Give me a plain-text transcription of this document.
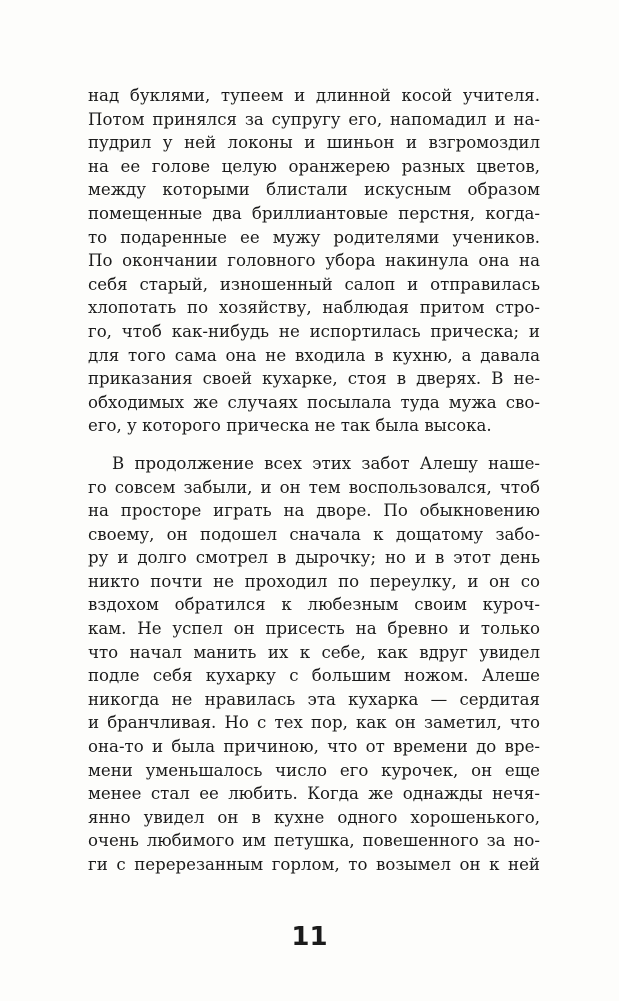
над буклями, тупеем и длинной косой учителя.
Потом принялся за супругу его, напомадил и на-
пудрил у ней локоны и шиньон и взгромоздил
на ее голове целую оранжерею разных цветов,
между которыми блистали искусным образом
помещенные два бриллиантовые перстня, когда-
то подаренные ее мужу родителями учеников.
По окончании головного убора накинула она на
себя старый, изношенный салоп и отправилась
хлопотать по хозяйству, наблюдая притом стро-
го, чтоб как-нибудь не испортилась прическа; и
для того сама она не входила в кухню, а давала
приказания своей кухарке, стоя в дверях. В не-
обходимых же случаях посылала туда мужа сво-
его, у которого прическа не так была высока.
В продолжение всех этих забот Алешу наше-
го совсем забыли, и он тем воспользовался, чтоб
на просторе играть на дворе. По обыкновению
своему, он подошел сначала к дощатому забо-
ру и долго смотрел в дырочку; но и в этот день
никто почти не проходил по переулку, и он со
вздохом обратился к любезным своим куроч-
кам. Не успел он присесть на бревно и только
что начал манить их к себе, как вдруг увидел
подле себя кухарку с большим ножом. Алеше
никогда не нравилась эта кухарка — сердитая
и бранчливая. Но с тех пор, как он заметил, что
она-то и была причиною, что от времени до вре-
мени уменьшалось число его курочек, он еще
менее стал ее любить. Когда же однажды нечя-
янно увидел он в кухне одного хорошенького,
очень любимого им петушка, повешенного за но-
ги с перерезанным горлом, то возымел он к ней
11
